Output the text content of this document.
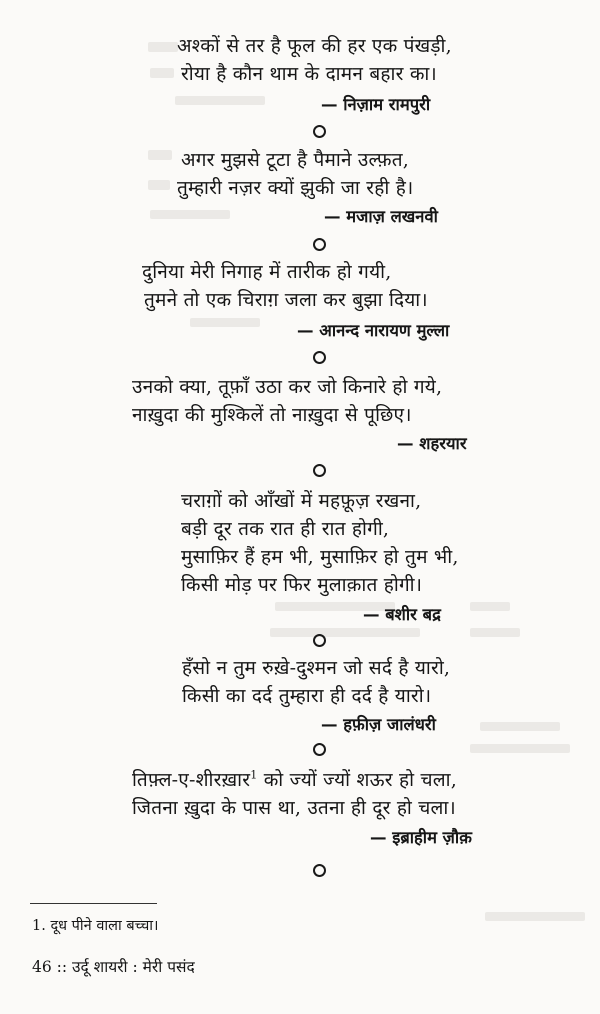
अश्कों से तर है फूल की हर एक पंखड़ी,
रोया है कौन थाम के दामन बहार का।
— निज़ाम रामपुरी
अगर मुझसे टूटा है पैमाने उल्फ़त,
तुम्हारी नज़र क्यों झुकी जा रही है।
— मजाज़ लखनवी
दुनिया मेरी निगाह में तारीक हो गयी,
तुमने तो एक चिराग़ जला कर बुझा दिया।
— आनन्द नारायण मुल्ला
उनको क्या, तूफ़ाँ उठा कर जो किनारे हो गये,
नाख़ुदा की मुश्किलें तो नाख़ुदा से पूछिए।
— शहरयार
चराग़ों को आँखों में महफ़ूज़ रखना,
बड़ी दूर तक रात ही रात होगी,
मुसाफ़िर हैं हम भी, मुसाफ़िर हो तुम भी,
किसी मोड़ पर फिर मुलाक़ात होगी।
— बशीर बद्र
हँसो न तुम रुख़े-दुश्मन जो सर्द है यारो,
किसी का दर्द तुम्हारा ही दर्द है यारो।
— हफ़ीज़ जालंधरी
तिफ़्ल-ए-शीरख़ार$^1$ को ज्यों ज्यों शऊर हो चला,
जितना ख़ुदा के पास था, उतना ही दूर हो चला।
— इब्राहीम ज़ौक़
1. दूध पीने वाला बच्चा।
46 :: उर्दू शायरी : मेरी पसंद
